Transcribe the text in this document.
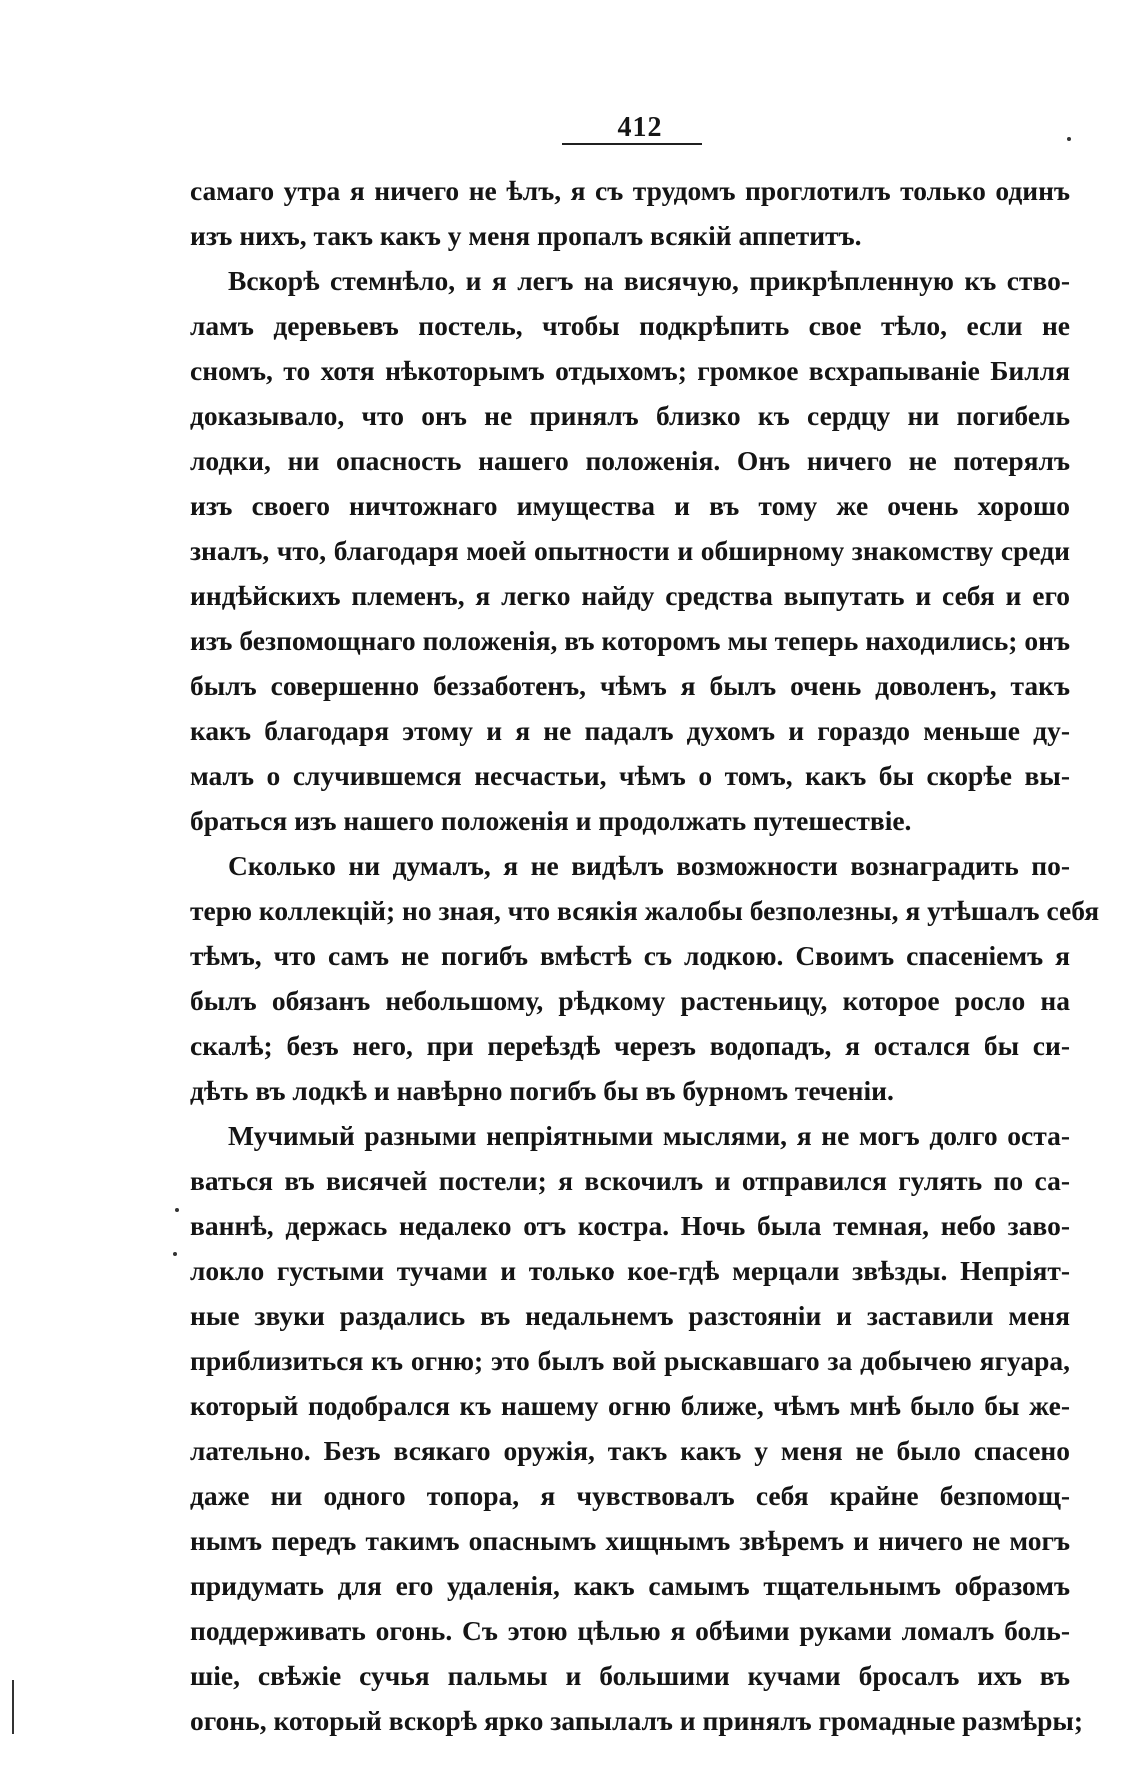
412
самаго утра я ничего не ѣлъ, я съ трудомъ проглотилъ только одинъ
изъ нихъ, такъ какъ у меня пропалъ всякiй аппетитъ.
Вскорѣ стемнѣло, и я легъ на висячую, прикрѣпленную къ ство-
ламъ деревьевъ постель, чтобы подкрѣпить свое тѣло, если не
сномъ, то хотя нѣкоторымъ отдыхомъ; громкое всхрапыванiе Билля
доказывало, что онъ не принялъ близко къ сердцу ни погибель
лодки, ни опасность нашего положенiя. Онъ ничего не потерялъ
изъ своего ничтожнаго имущества и въ тому же очень хорошо
зналъ, что, благодаря моей опытности и обширному знакомству среди
индѣйскихъ племенъ, я легко найду средства выпутать и себя и его
изъ безпомощнаго положенiя, въ которомъ мы теперь находились; онъ
былъ совершенно беззаботенъ, чѣмъ я былъ очень доволенъ, такъ
какъ благодаря этому и я не падалъ духомъ и гораздо меньше ду-
малъ о случившемся несчастьи, чѣмъ о томъ, какъ бы скорѣе вы-
браться изъ нашего положенiя и продолжать путешествiе.
Сколько ни думалъ, я не видѣлъ возможности вознаградить по-
терю коллекцiй; но зная, что всякiя жалобы безполезны, я утѣшалъ себя
тѣмъ, что самъ не погибъ вмѣстѣ съ лодкою. Своимъ спасенiемъ я
былъ обязанъ небольшому, рѣдкому растеньицу, которое росло на
скалѣ; безъ него, при переѣздѣ черезъ водопадъ, я остался бы си-
дѣть въ лодкѣ и навѣрно погибъ бы въ бурномъ теченiи.
Мучимый разными непрiятными мыслями, я не могъ долго оста-
ваться въ висячей постели; я вскочилъ и отправился гулять по са-
ваннѣ, держась недалеко отъ костра. Ночь была темная, небо заво-
локло густыми тучами и только кое-гдѣ мерцали звѣзды. Непрiят-
ные звуки раздались въ недальнемъ разстоянiи и заставили меня
приблизиться къ огню; это былъ вой рыскавшаго за добычею ягуара,
который подобрался къ нашему огню ближе, чѣмъ мнѣ было бы же-
лательно. Безъ всякаго оружiя, такъ какъ у меня не было спасено
даже ни одного топора, я чувствовалъ себя крайне безпомощ-
нымъ передъ такимъ опаснымъ хищнымъ звѣремъ и ничего не могъ
придумать для его удаленiя, какъ самымъ тщательнымъ образомъ
поддерживать огонь. Съ этою цѣлью я обѣими руками ломалъ боль-
шiе, свѣжiе сучья пальмы и большими кучами бросалъ ихъ въ
огонь, который вскорѣ ярко запылалъ и принялъ громадные размѣры;
